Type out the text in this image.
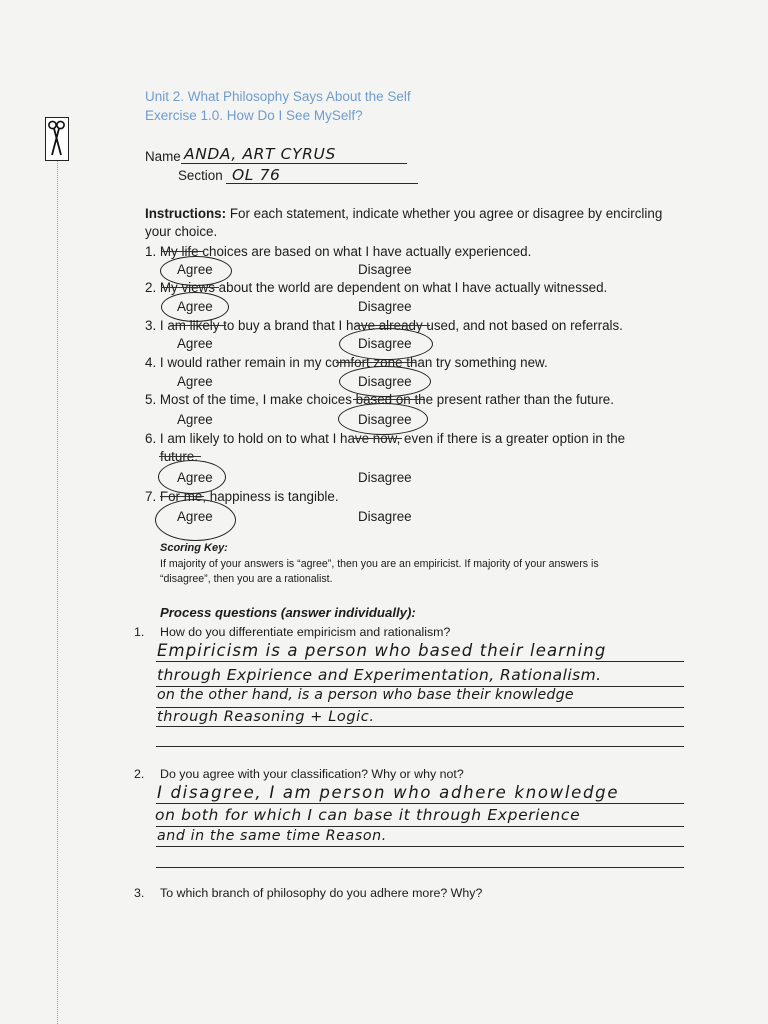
Unit 2. What Philosophy Says About the Self
Exercise 1.0. How Do I See MySelf?
Name ANDA, ART CYRUS
Section OL 76
Instructions: For each statement, indicate whether you agree or disagree by encircling
your choice.
1. My life choices are based on what I have actually experienced.
Agree	Disagree
2. My views about the world are dependent on what I have actually witnessed.
Agree	Disagree
3. I am likely to buy a brand that I have already used, and not based on referrals.
Agree	Disagree
4. I would rather remain in my comfort zone than try something new.
Agree	Disagree
5. Most of the time, I make choices based on the present rather than the future.
Agree	Disagree
6. I am likely to hold on to what I have now, even if there is a greater option in the
future.
Agree	Disagree
7. For me, happiness is tangible.
Agree	Disagree
Scoring Key:
If majority of your answers is “agree”, then you are an empiricist. If majority of your answers is
“disagree”, then you are a rationalist.
Process questions (answer individually):
1. How do you differentiate empiricism and rationalism?
Empiricism is a person who based their learning
through Expirience and Experimentation, Rationalism.
on the other hand, is a person who base their knowledge
through Reasoning + Logic.
2. Do you agree with your classification? Why or why not?
I disagree, I am person who adhere knowledge
on both for which I can base it through Experience
and in the same time Reason.
3. To which branch of philosophy do you adhere more? Why?
